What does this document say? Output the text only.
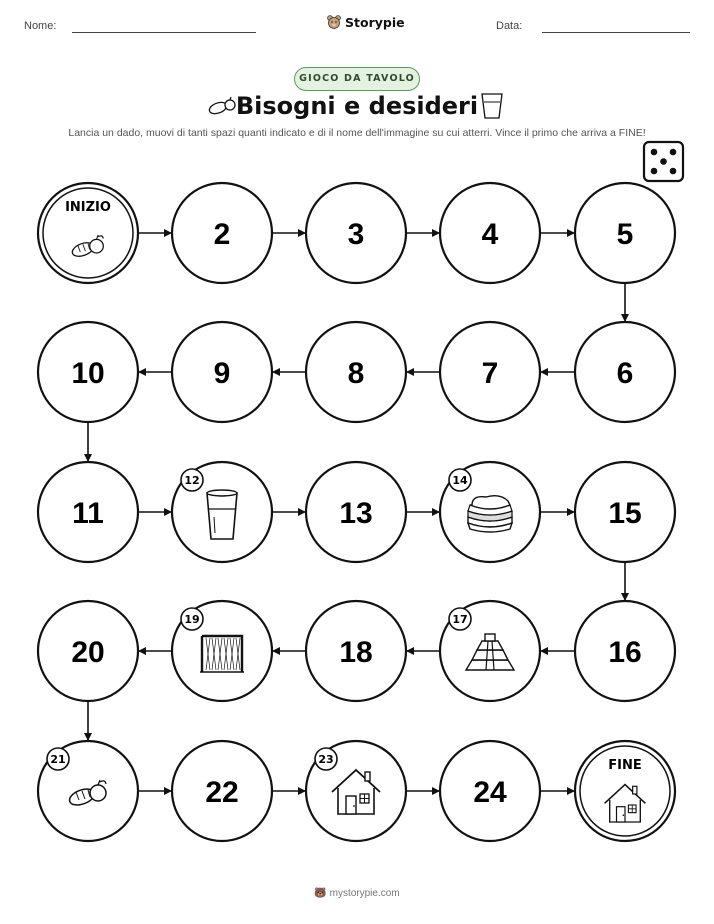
Nome:	Storypie	Data:
GIOCO DA TAVOLO
Bisogni e desideri
Lancia un dado, muovi di tanti spazi quanti indicato e di il nome dell'immagine su cui atterri. Vince il primo che arriva a FINE!
INIZIO
2	3	4	5
6
7
8
9
10
11
12
13
14
15
16
17
18
19
20
21
22
23
24
FINE
🐻 mystorypie.com
